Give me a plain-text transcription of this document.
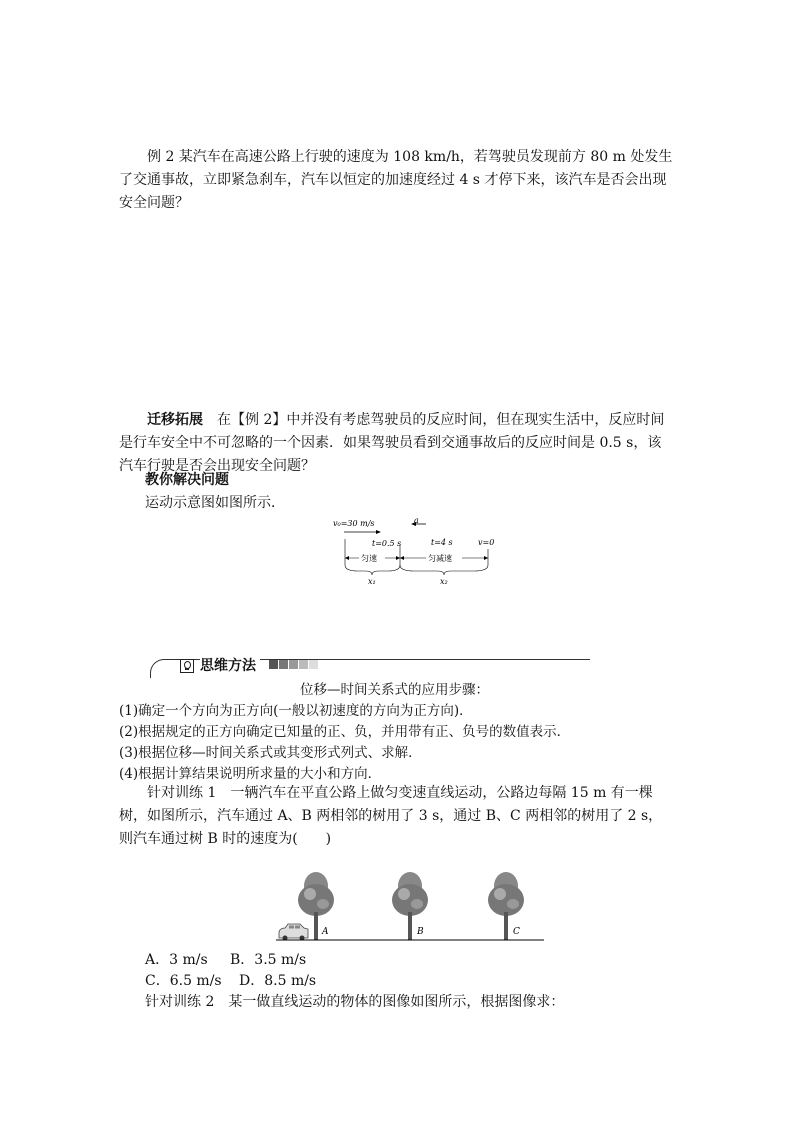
例 2 某汽车在高速公路上行驶的速度为 108 km/h，若驾驶员发现前方 80 m 处发生了交通事故，立即紧急刹车，汽车以恒定的加速度经过 4 s 才停下来，该汽车是否会出现安全问题？

迁移拓展　 在【例 2】中并没有考虑驾驶员的反应时间，但在现实生活中，反应时间是行车安全中不可忽略的一个因素．如果驾驶员看到交通事故后的反应时间是 0.5 s，该汽车行驶是否会出现安全问题？

教你解决问题
运动示意图如图所示．
v₀=30 m/s
t=0.5 s
a
t=4 s	v=0
匀速	匀减速
x₁	x₂
思维方法
位移—时间关系式的应用步骤：
(1)确定一个方向为正方向(一般以初速度的方向为正方向)．
(2)根据规定的正方向确定已知量的正、负，并用带有正、负号的数值表示．
(3)根据位移—时间关系式或其变形式列式、求解．
(4)根据计算结果说明所求量的大小和方向．

针对训练 1　一辆汽车在平直公路上做匀变速直线运动，公路边每隔 15 m 有一棵树，如图所示，汽车通过 A、B 两相邻的树用了 3 s，通过 B、C 两相邻的树用了 2 s，则汽车通过树 B 时的速度为(　　)

A	B	C
A．3 m/s B．3.5 m/s
C．6.5 m/s D．8.5 m/s
针对训练 2　某一做直线运动的物体的图像如图所示，根据图像求：
